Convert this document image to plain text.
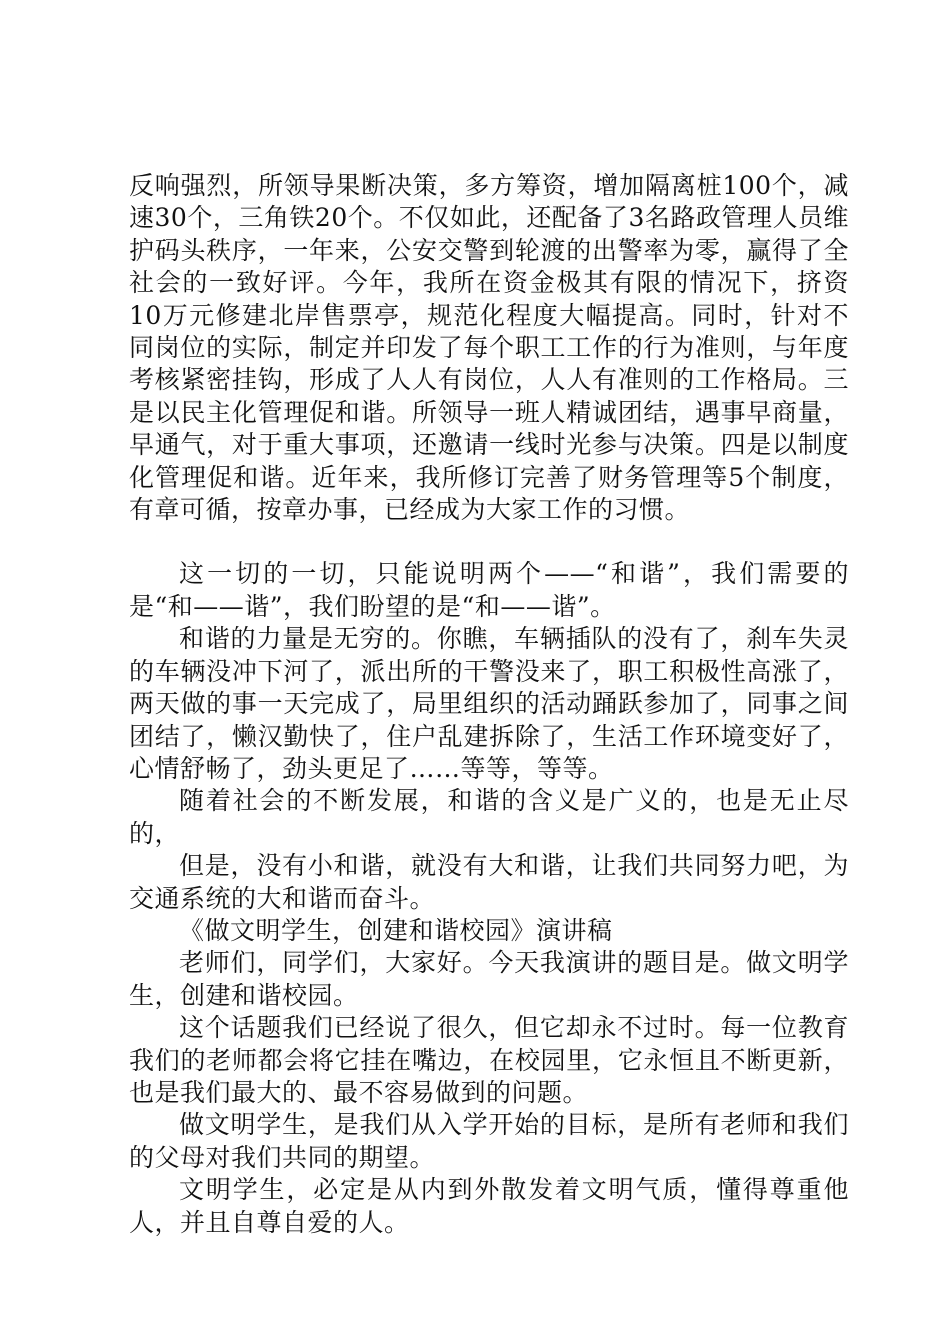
反响强烈，所领导果断决策，多方筹资，增加隔离桩100个，减速30个，三角铁20个。不仅如此，还配备了3名路政管理人员维护码头秩序，一年来，公安交警到轮渡的出警率为零，赢得了全社会的一致好评。今年，我所在资金极其有限的情况下，挤资10万元修建北岸售票亭，规范化程度大幅提高。同时，针对不同岗位的实际，制定并印发了每个职工工作的行为准则，与年度考核紧密挂钩，形成了人人有岗位，人人有准则的工作格局。三是以民主化管理促和谐。所领导一班人精诚团结，遇事早商量，早通气，对于重大事项，还邀请一线时光参与决策。四是以制度化管理促和谐。近年来，我所修订完善了财务管理等5个制度，有章可循，按章办事，已经成为大家工作的习惯。

这一切的一切，只能说明两个——“和谐”，我们需要的是“和——谐”，我们盼望的是“和——谐”。

和谐的力量是无穷的。你瞧，车辆插队的没有了，刹车失灵的车辆没冲下河了，派出所的干警没来了，职工积极性高涨了，两天做的事一天完成了，局里组织的活动踊跃参加了，同事之间团结了，懒汉勤快了，住户乱建拆除了，生活工作环境变好了，心情舒畅了，劲头更足了……等等，等等。

随着社会的不断发展，和谐的含义是广义的，也是无止尽的，

但是，没有小和谐，就没有大和谐，让我们共同努力吧，为交通系统的大和谐而奋斗。

《做文明学生，创建和谐校园》演讲稿

老师们，同学们，大家好。今天我演讲的题目是。做文明学生，创建和谐校园。

这个话题我们已经说了很久，但它却永不过时。每一位教育我们的老师都会将它挂在嘴边，在校园里，它永恒且不断更新，也是我们最大的、最不容易做到的问题。

做文明学生，是我们从入学开始的目标，是所有老师和我们的父母对我们共同的期望。

文明学生，必定是从内到外散发着文明气质，懂得尊重他人，并且自尊自爱的人。
